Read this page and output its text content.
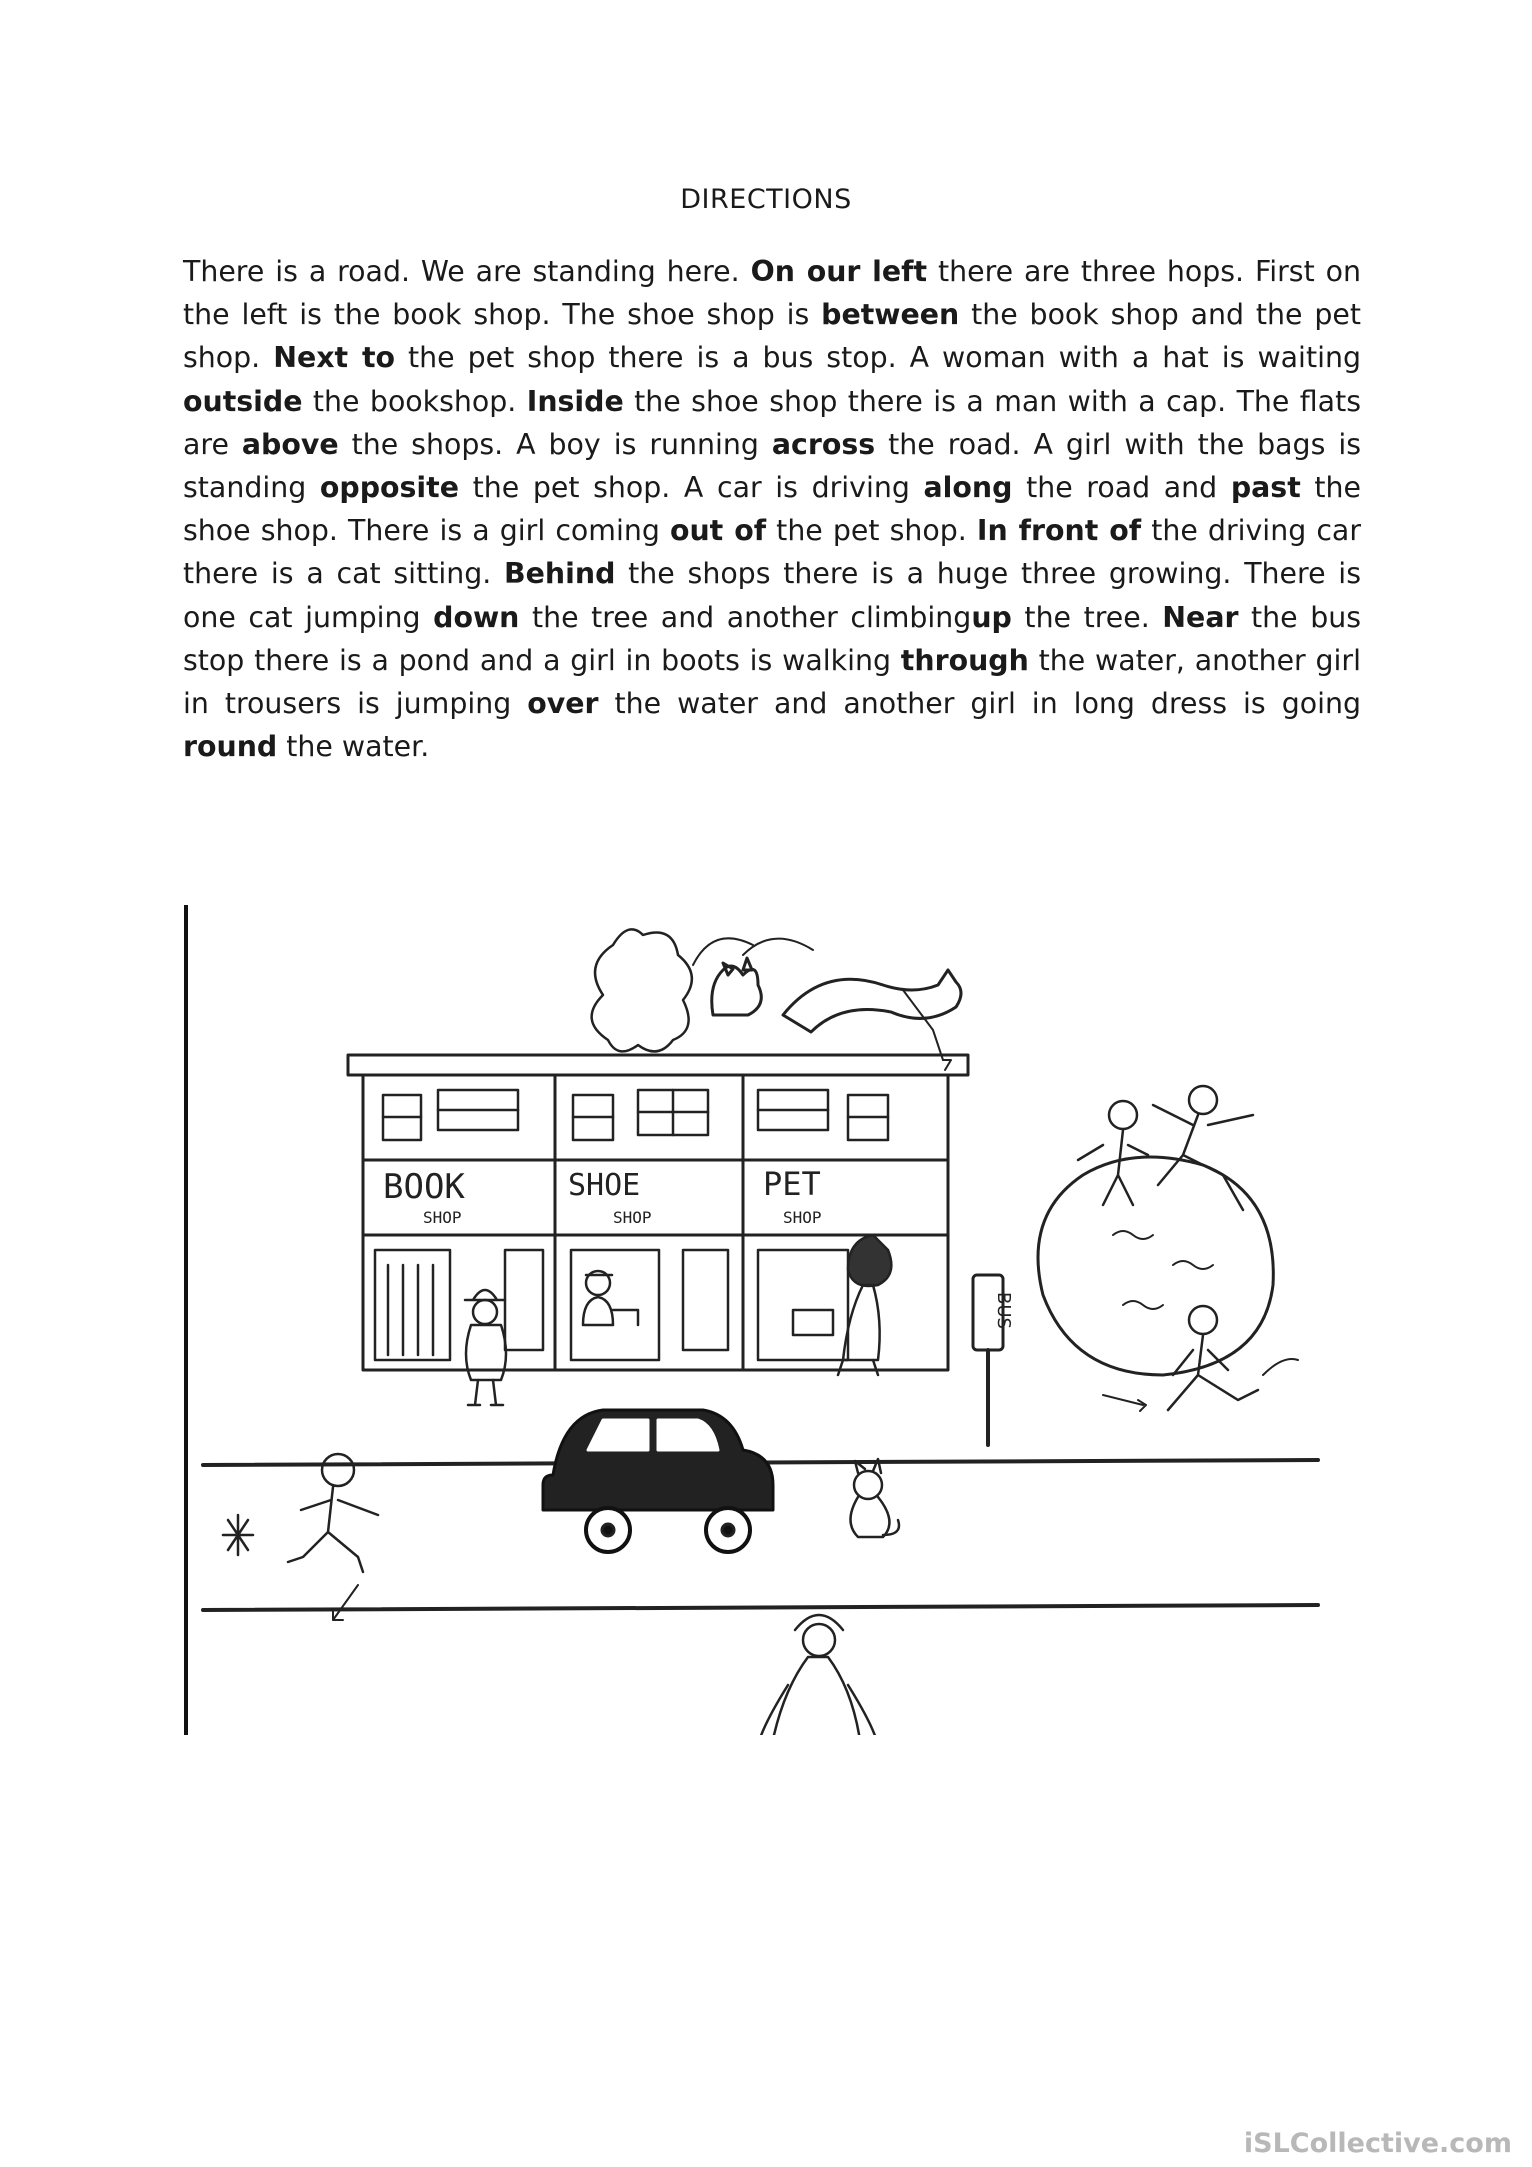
DIRECTIONS
There is a road. We are standing here. On our left there are three hops. First on the left is the book shop. The shoe shop is between the book shop and the pet shop. Next to the pet shop there is a bus stop. A woman with a hat is waiting outside the bookshop. Inside the shoe shop there is a man with a cap. The flats are above the shops. A boy is running across the road. A girl with the bags is standing opposite the pet shop. A car is driving along the road and past the shoe shop. There is a girl coming out of the pet shop. In front of the driving car there is a cat sitting. Behind the shops there is a huge three growing. There is one cat jumping down the tree and another climbingup the tree. Near the bus stop there is a pond and a girl in boots is walking through the water, another girl in trousers is jumping over the water and another girl in long dress is going round the water.
BOOK
SHOP
SHOE
SHOP
PET
SHOP
BUS
iSLCollective.com
